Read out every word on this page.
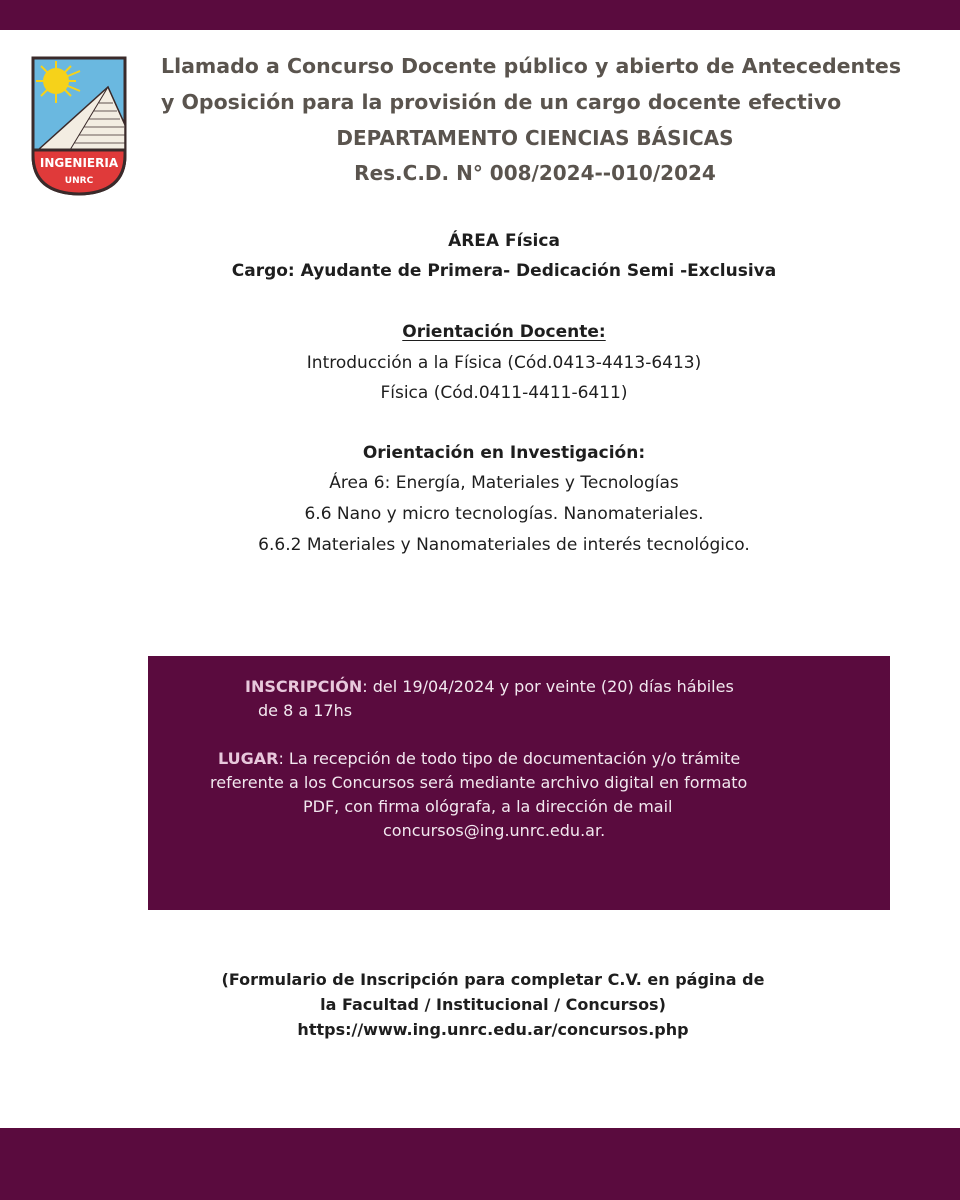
INGENIERIA
UNRC
Llamado a Concurso Docente público y abierto de Antecedentes
y Oposición para la provisión de un cargo docente efectivo
DEPARTAMENTO CIENCIAS BÁSICAS
Res.C.D. N° 008/2024--010/2024
ÁREA Física
Cargo: Ayudante de Primera- Dedicación Semi -Exclusiva
Orientación Docente:
Introducción a la Física (Cód.0413-4413-6413)
Física (Cód.0411-4411-6411)
Orientación en Investigación:
Área 6: Energía, Materiales y Tecnologías
6.6 Nano y micro tecnologías. Nanomateriales.
6.6.2 Materiales y Nanomateriales de interés tecnológico.
INSCRIPCIÓN: del 19/04/2024 y por veinte (20) días hábiles
de 8 a 17hs
LUGAR: La recepción de todo tipo de documentación y/o trámite
referente a los Concursos será mediante archivo digital en formato
PDF, con firma ológrafa, a la dirección de mail
concursos@ing.unrc.edu.ar.
(Formulario de Inscripción para completar C.V. en página de
la Facultad / Institucional / Concursos)
https://www.ing.unrc.edu.ar/concursos.php
